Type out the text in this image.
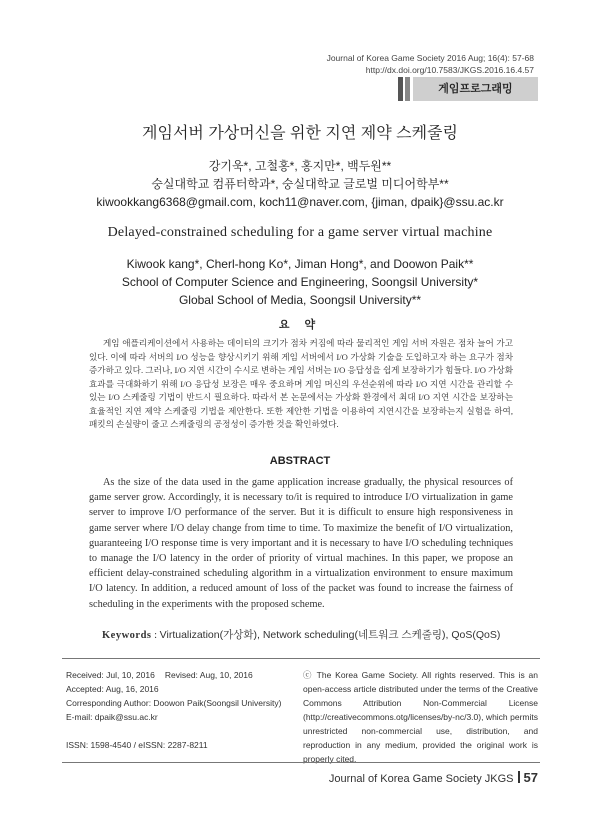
Journal of Korea Game Society 2016 Aug; 16(4): 57-68
http://dx.doi.org/10.7583/JKGS.2016.16.4.57
게임프로그래밍
게임서버 가상머신을 위한 지연 제약 스케줄링
강기욱*, 고철홍*, 홍지만*, 백두원**
숭실대학교 컴퓨터학과*, 숭실대학교 글로벌 미디어학부**
kiwookkang6368@gmail.com, koch11@naver.com, {jiman, dpaik}@ssu.ac.kr
Delayed-constrained scheduling for a game server virtual machine
Kiwook kang*, Cherl-hong Ko*, Jiman Hong*, and Doowon Paik**
School of Computer Science and Engineering, Soongsil University*
Global School of Media, Soongsil University**
요 약
게임 애플리케이션에서 사용하는 데이터의 크기가 점차 커짐에 따라 물리적인 게임 서버 자원은 점차 늘어 가고 있다. 이에 따라 서버의 I/O 성능을 향상시키기 위해 게임 서버에서 I/O 가상화 기술을 도입하고자 하는 요구가 점차 증가하고 있다. 그러나, I/O 지연 시간이 수시로 변하는 게임 서버는 I/O 응답성을 쉽게 보장하기가 힘들다. I/O 가상화 효과를 극대화하기 위해 I/O 응답성 보장은 매우 중요하며 게임 머신의 우선순위에 따라 I/O 지연 시간을 관리할 수 있는 I/O 스케줄링 기법이 반드시 필요하다. 따라서 본 논문에서는 가상화 환경에서 최대 I/O 지연 시간을 보장하는 효율적인 지연 제약 스케줄링 기법을 제안한다. 또한 제안한 기법을 이용하여 지연시간을 보장하는지 실험을 하여, 패킷의 손실량이 줄고 스케줄링의 공정성이 증가한 것을 확인하였다.
ABSTRACT
As the size of the data used in the game application increase gradually, the physical resources of game server grow. Accordingly, it is necessary to/it is required to introduce I/O virtualization in game server to improve I/O performance of the server. But it is difficult to ensure high responsiveness in game server where I/O delay change from time to time. To maximize the benefit of I/O virtualization, guaranteeing I/O response time is very important and it is necessary to have I/O scheduling techniques to manage the I/O latency in the order of priority of virtual machines. In this paper, we propose an efficient delay-constrained scheduling algorithm in a virtualization environment to ensure maximum I/O latency. In addition, a reduced amount of loss of the packet was found to increase the fairness of scheduling in the experiments with the proposed scheme.
Keywords : Virtualization(가상화), Network scheduling(네트워크 스케줄링), QoS(QoS)
Received: Jul, 10, 2016 Revised: Aug, 10, 2016
Accepted: Aug, 16, 2016
Corresponding Author: Doowon Paik(Soongsil University)
E-mail: dpaik@ssu.ac.kr
ISSN: 1598-4540 / eISSN: 2287-8211
ⓒ The Korea Game Society. All rights reserved. This is an open-access article distributed under the terms of the Creative Commons Attribution Non-Commercial License (http://creativecommons.otg/licenses/by-nc/3.0), which permits unrestricted non-commercial use, distribution, and reproduction in any medium, provided the original work is properly cited.
Journal of Korea Game Society JKGS 57
